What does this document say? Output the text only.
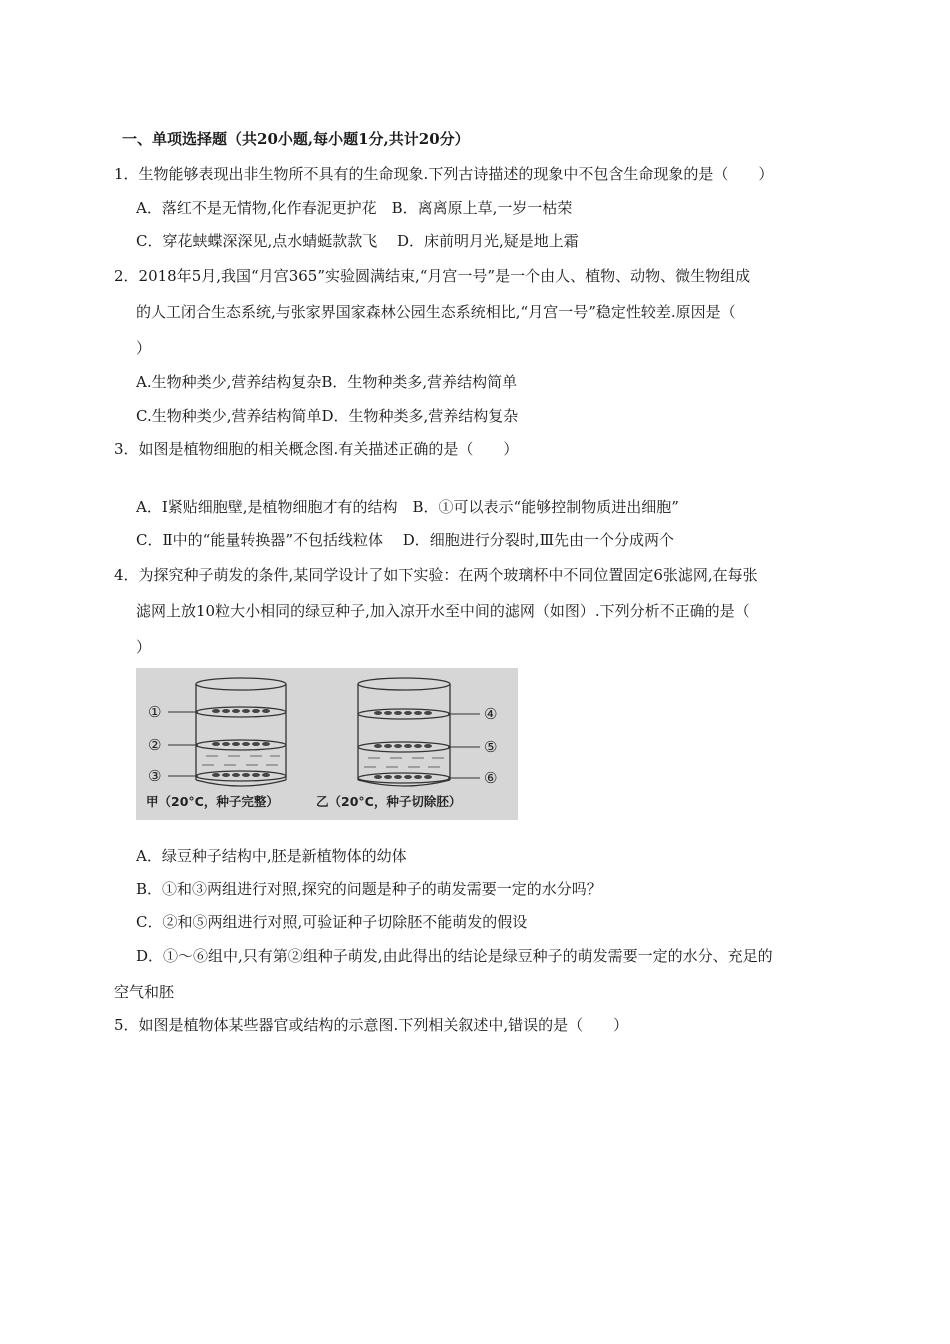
一、单项选择题（共20小题,每小题1分,共计20分）
1．生物能够表现出非生物所不具有的生命现象.下列古诗描述的现象中不包含生命现象的是（　　）
A．落红不是无情物,化作春泥更护花　B．离离原上草,一岁一枯荣
C．穿花蛱蝶深深见,点水蜻蜓款款飞　 D．床前明月光,疑是地上霜
2．2018年5月,我国“月宫365”实验圆满结束,“月宫一号”是一个由人、植物、动物、微生物组成
的人工闭合生态系统,与张家界国家森林公园生态系统相比,“月宫一号”稳定性较差.原因是（
）
A.生物种类少,营养结构复杂B．生物种类多,营养结构简单
C.生物种类少,营养结构简单D．生物种类多,营养结构复杂
3．如图是植物细胞的相关概念图.有关描述正确的是（　　）
A．Ⅰ紧贴细胞壁,是植物细胞才有的结构　B．①可以表示“能够控制物质进出细胞”
C．Ⅱ中的“能量转换器”不包括线粒体　 D．细胞进行分裂时,Ⅲ先由一个分成两个
4．为探究种子萌发的条件,某同学设计了如下实验：在两个玻璃杯中不同位置固定6张滤网,在每张
滤网上放10粒大小相同的绿豆种子,加入凉开水至中间的滤网（如图）.下列分析不正确的是（
）
①
②
③
④
⑤
⑥
甲（20°C，种子完整）	乙（20°C，种子切除胚）
A．绿豆种子结构中,胚是新植物体的幼体
B．①和③两组进行对照,探究的问题是种子的萌发需要一定的水分吗？
C．②和⑤两组进行对照,可验证种子切除胚不能萌发的假设
D．①～⑥组中,只有第②组种子萌发,由此得出的结论是绿豆种子的萌发需要一定的水分、充足的
空气和胚
5．如图是植物体某些器官或结构的示意图.下列相关叙述中,错误的是（　　）
